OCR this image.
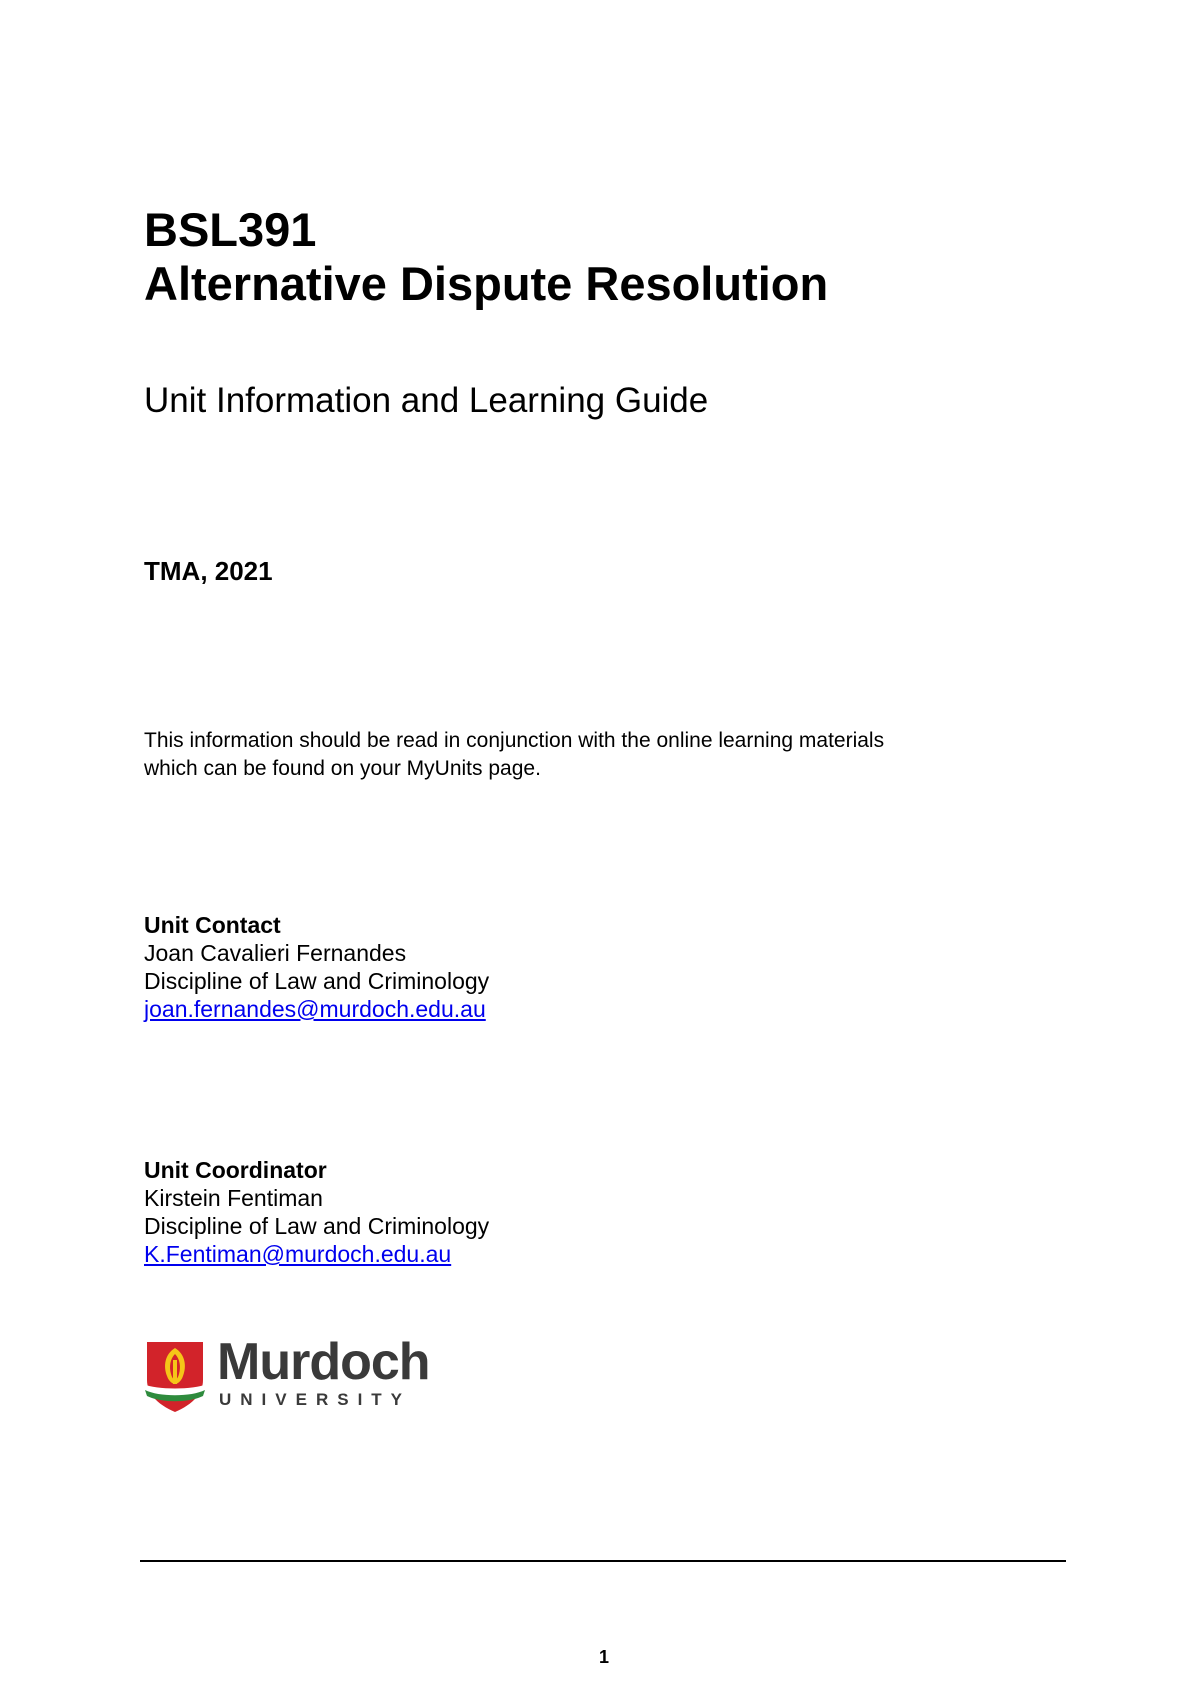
BSL391
Alternative Dispute Resolution

Unit Information and Learning Guide

TMA, 2021

This information should be read in conjunction with the online learning materials
which can be found on your MyUnits page.

Unit Contact
Joan Cavalieri Fernandes
Discipline of Law and Criminology
joan.fernandes@murdoch.edu.au
Unit Coordinator
Kirstein Fentiman
Discipline of Law and Criminology
K.Fentiman@murdoch.edu.au
Murdoch
UNIVERSITY
1
